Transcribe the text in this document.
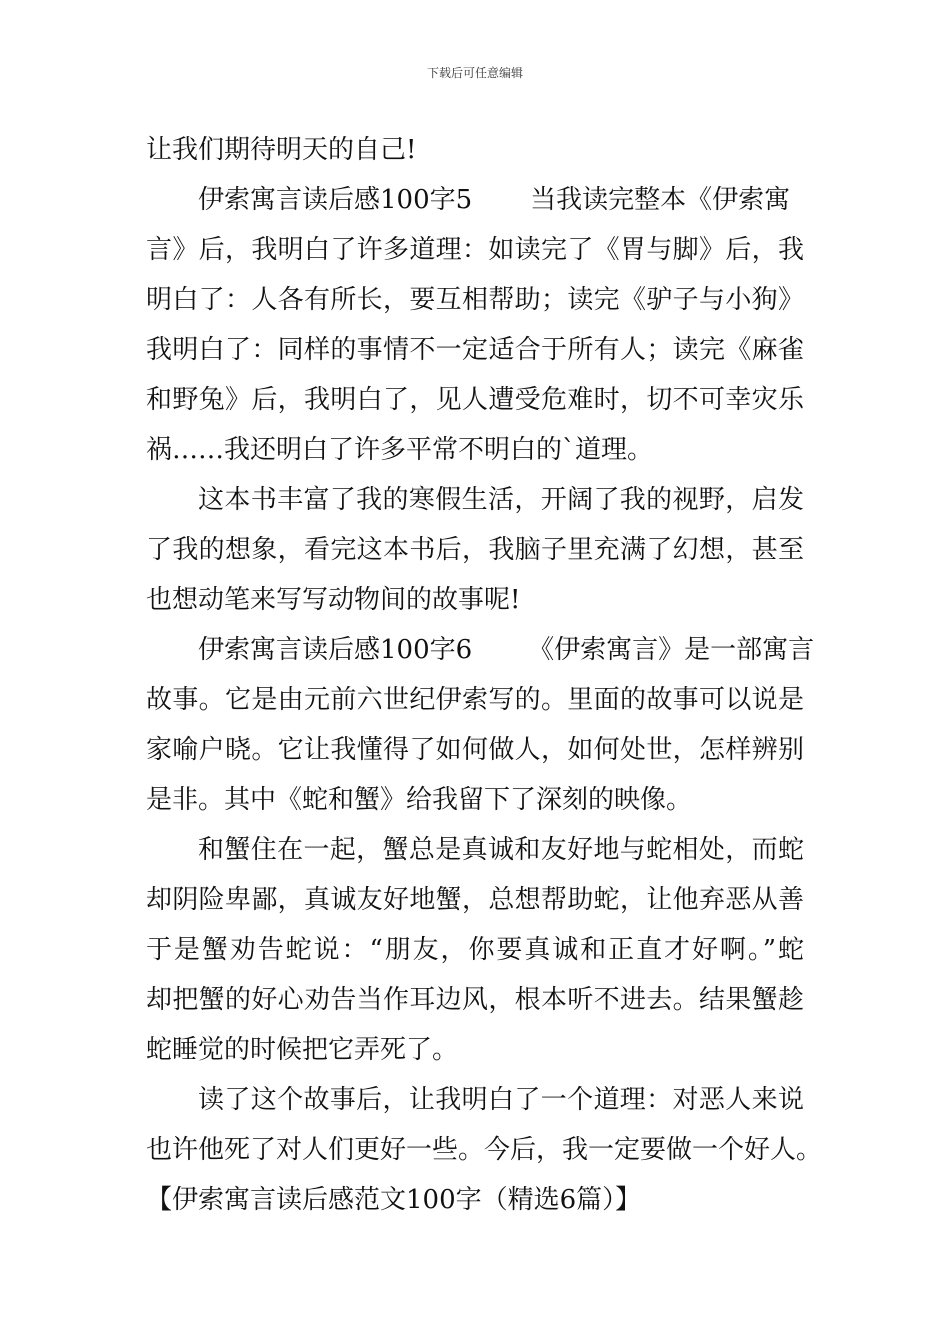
下载后可任意编辑
让我们期待明天的自己!
伊索寓言读后感100字5 当我读完整本《伊索寓
言》后，我明白了许多道理：如读完了《胃与脚》后，我
明白了：人各有所长，要互相帮助；读完《驴子与小狗》
我明白了：同样的事情不一定适合于所有人；读完《麻雀
和野兔》后，我明白了，见人遭受危难时，切不可幸灾乐
祸……我还明白了许多平常不明白的`道理。
这本书丰富了我的寒假生活，开阔了我的视野，启发
了我的想象，看完这本书后，我脑子里充满了幻想，甚至
也想动笔来写写动物间的故事呢!
伊索寓言读后感100字6 《伊索寓言》是一部寓言
故事。它是由元前六世纪伊索写的。里面的故事可以说是
家喻户晓。它让我懂得了如何做人，如何处世，怎样辨别
是非。其中《蛇和蟹》给我留下了深刻的映像。
和蟹住在一起，蟹总是真诚和友好地与蛇相处，而蛇
却阴险卑鄙，真诚友好地蟹，总想帮助蛇，让他弃恶从善
于是蟹劝告蛇说：“朋友，你要真诚和正直才好啊。”蛇
却把蟹的好心劝告当作耳边风，根本听不进去。结果蟹趁
蛇睡觉的时候把它弄死了。
读了这个故事后，让我明白了一个道理：对恶人来说
也许他死了对人们更好一些。今后，我一定要做一个好人。
【伊索寓言读后感范文100字（精选6篇）】
